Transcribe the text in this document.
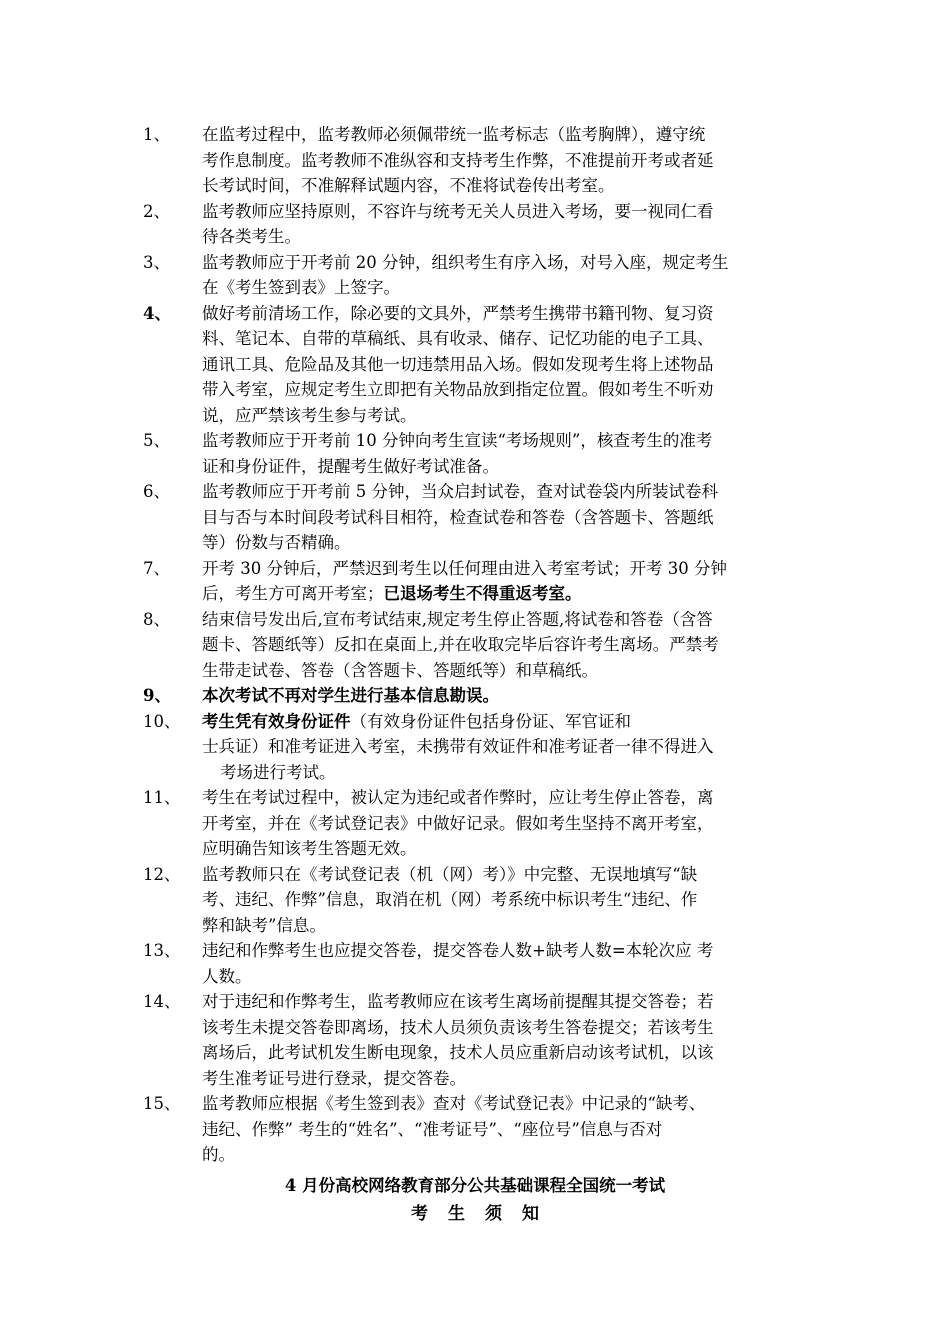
1、	在监考过程中，监考教师必须佩带统一监考标志（监考胸牌），遵守统
考作息制度。监考教师不准纵容和支持考生作弊，不准提前开考或者延
长考试时间，不准解释试题内容，不准将试卷传出考室。
2、	监考教师应坚持原则，不容许与统考无关人员进入考场，要一视同仁看
待各类考生。
3、	监考教师应于开考前 20 分钟，组织考生有序入场，对号入座，规定考生
在《考生签到表》上签字。
4、	做好考前清场工作，除必要的文具外，严禁考生携带书籍刊物、复习资
料、笔记本、自带的草稿纸、具有收录、储存、记忆功能的电子工具、
通讯工具、危险品及其他一切违禁用品入场。假如发现考生将上述物品
带入考室，应规定考生立即把有关物品放到指定位置。假如考生不听劝
说，应严禁该考生参与考试。
5、	监考教师应于开考前 10 分钟向考生宣读“考场规则”，核查考生的准考
证和身份证件，提醒考生做好考试准备。
6、	监考教师应于开考前 5 分钟，当众启封试卷，查对试卷袋内所装试卷科
目与否与本时间段考试科目相符，检查试卷和答卷（含答题卡、答题纸
等）份数与否精确。
7、	开考 30 分钟后，严禁迟到考生以任何理由进入考室考试；开考 30 分钟
后，考生方可离开考室；已退场考生不得重返考室。
8、	结束信号发出后,宣布考试结束,规定考生停止答题,将试卷和答卷（含答
题卡、答题纸等）反扣在桌面上,并在收取完毕后容许考生离场。严禁考
生带走试卷、答卷（含答题卡、答题纸等）和草稿纸。
9、	本次考试不再对学生进行基本信息勘误。
10、	考生凭有效身份证件（有效身份证件包括身份证、军官证和
士兵证）和准考证进入考室，未携带有效证件和准考证者一律不得进入
考场进行考试。
11、	考生在考试过程中，被认定为违纪或者作弊时，应让考生停止答卷，离
开考室，并在《考试登记表》中做好记录。假如考生坚持不离开考室，
应明确告知该考生答题无效。
12、	监考教师只在《考试登记表（机（网）考）》中完整、无误地填写“缺
考、违纪、作弊”信息，取消在机（网）考系统中标识考生“违纪、作
弊和缺考”信息。
13、	违纪和作弊考生也应提交答卷，提交答卷人数+缺考人数=本轮次应 考
人数。
14、	对于违纪和作弊考生，监考教师应在该考生离场前提醒其提交答卷；若
该考生未提交答卷即离场，技术人员须负责该考生答卷提交；若该考生
离场后，此考试机发生断电现象，技术人员应重新启动该考试机，以该
考生准考证号进行登录，提交答卷。
15、	监考教师应根据《考生签到表》查对《考试登记表》中记录的“缺考、
违纪、作弊” 考生的“姓名”、“准考证号”、“座位号”信息与否对
的。
4 月份高校网络教育部分公共基础课程全国统一考试
考生须知
